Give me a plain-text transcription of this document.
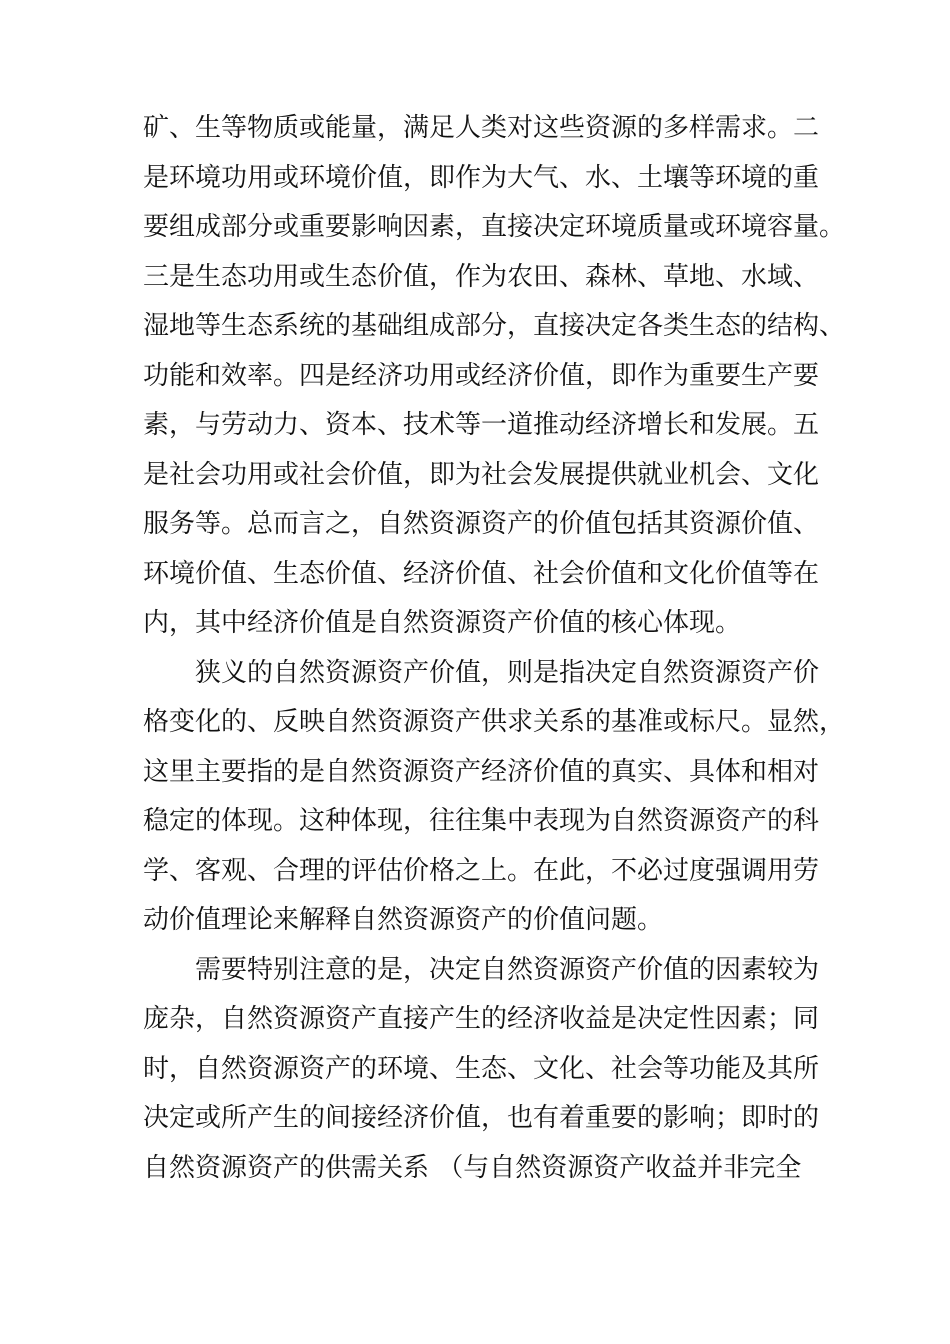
矿、生等物质或能量，满足人类对这些资源的多样需求。二
是环境功用或环境价值，即作为大气、水、土壤等环境的重
要组成部分或重要影响因素，直接决定环境质量或环境容量。
三是生态功用或生态价值，作为农田、森林、草地、水域、
湿地等生态系统的基础组成部分，直接决定各类生态的结构、
功能和效率。四是经济功用或经济价值，即作为重要生产要
素，与劳动力、资本、技术等一道推动经济增长和发展。五
是社会功用或社会价值，即为社会发展提供就业机会、文化
服务等。总而言之，自然资源资产的价值包括其资源价值、
环境价值、生态价值、经济价值、社会价值和文化价值等在
内，其中经济价值是自然资源资产价值的核心体现。
狭义的自然资源资产价值，则是指决定自然资源资产价
格变化的、反映自然资源资产供求关系的基准或标尺。显然，
这里主要指的是自然资源资产经济价值的真实、具体和相对
稳定的体现。这种体现，往往集中表现为自然资源资产的科
学、客观、合理的评估价格之上。在此，不必过度强调用劳
动价值理论来解释自然资源资产的价值问题。
需要特别注意的是，决定自然资源资产价值的因素较为
庞杂，自然资源资产直接产生的经济收益是决定性因素；同
时，自然资源资产的环境、生态、文化、社会等功能及其所
决定或所产生的间接经济价值，也有着重要的影响；即时的
自然资源资产的供需关系 （与自然资源资产收益并非完全
